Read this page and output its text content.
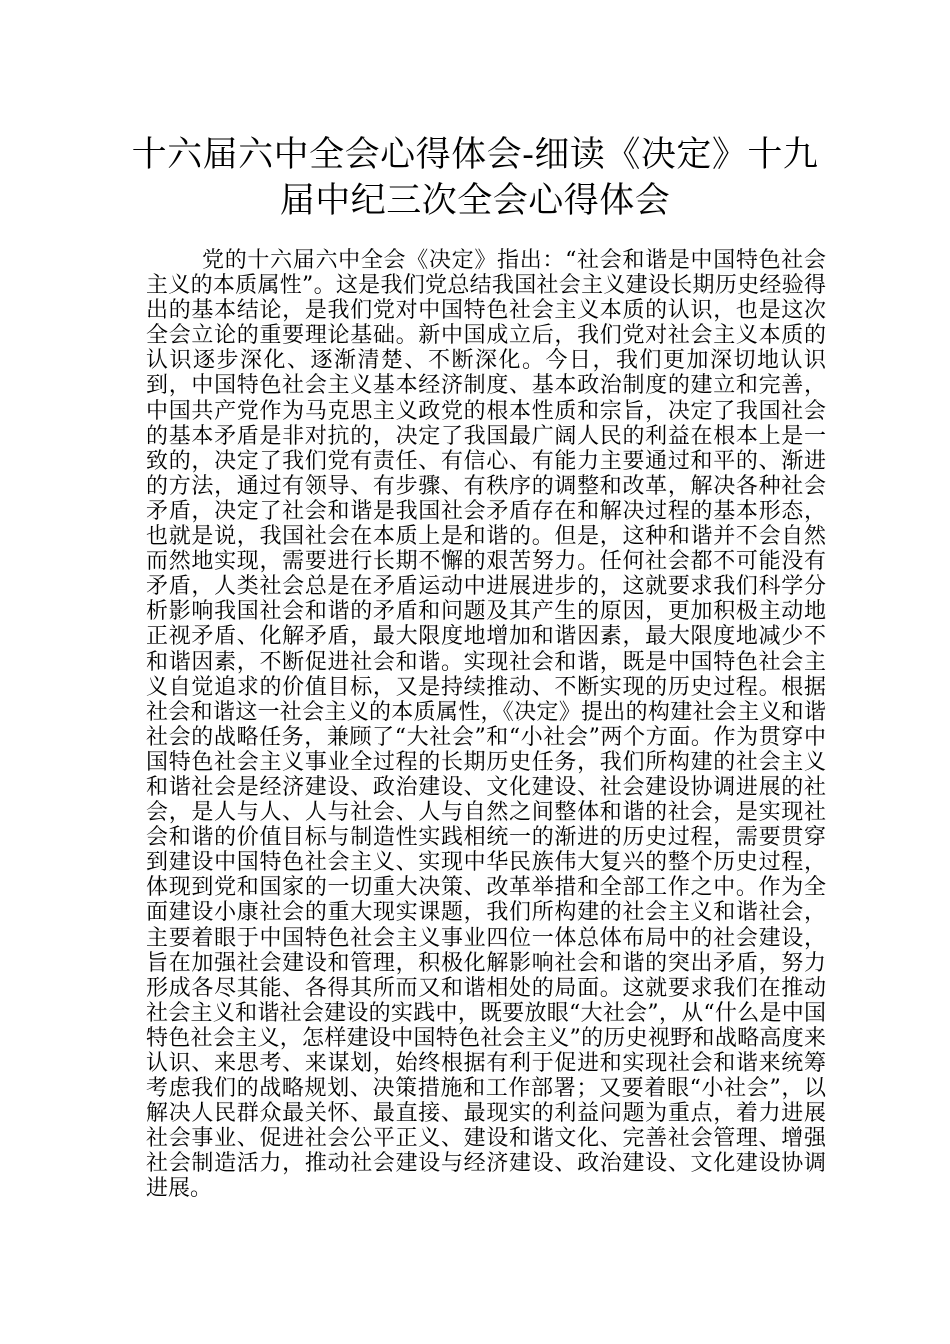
十六届六中全会心得体会-细读《决定》十九届中纪三次全会心得体会

党的十六届六中全会《决定》指出：“社会和谐是中国特色社会主义的本质属性”。这是我们党总结我国社会主义建设长期历史经验得出的基本结论，是我们党对中国特色社会主义本质的认识，也是这次全会立论的重要理论基础。新中国成立后，我们党对社会主义本质的认识逐步深化、逐渐清楚、不断深化。今日，我们更加深切地认识到，中国特色社会主义基本经济制度、基本政治制度的建立和完善，中国共产党作为马克思主义政党的根本性质和宗旨，决定了我国社会的基本矛盾是非对抗的，决定了我国最广阔人民的利益在根本上是一致的，决定了我们党有责任、有信心、有能力主要通过和平的、渐进的方法，通过有领导、有步骤、有秩序的调整和改革，解决各种社会矛盾，决定了社会和谐是我国社会矛盾存在和解决过程的基本形态，也就是说，我国社会在本质上是和谐的。但是，这种和谐并不会自然而然地实现，需要进行长期不懈的艰苦努力。任何社会都不可能没有矛盾，人类社会总是在矛盾运动中进展进步的，这就要求我们科学分析影响我国社会和谐的矛盾和问题及其产生的原因，更加积极主动地正视矛盾、化解矛盾，最大限度地增加和谐因素，最大限度地减少不和谐因素，不断促进社会和谐。实现社会和谐，既是中国特色社会主义自觉追求的价值目标，又是持续推动、不断实现的历史过程。根据社会和谐这一社会主义的本质属性，《决定》提出的构建社会主义和谐社会的战略任务，兼顾了“大社会”和“小社会”两个方面。作为贯穿中国特色社会主义事业全过程的长期历史任务，我们所构建的社会主义和谐社会是经济建设、政治建设、文化建设、社会建设协调进展的社会，是人与人、人与社会、人与自然之间整体和谐的社会，是实现社会和谐的价值目标与制造性实践相统一的渐进的历史过程，需要贯穿到建设中国特色社会主义、实现中华民族伟大复兴的整个历史过程，体现到党和国家的一切重大决策、改革举措和全部工作之中。作为全面建设小康社会的重大现实课题，我们所构建的社会主义和谐社会，主要着眼于中国特色社会主义事业四位一体总体布局中的社会建设，旨在加强社会建设和管理，积极化解影响社会和谐的突出矛盾，努力形成各尽其能、各得其所而又和谐相处的局面。这就要求我们在推动社会主义和谐社会建设的实践中，既要放眼“大社会”，从“什么是中国特色社会主义，怎样建设中国特色社会主义”的历史视野和战略高度来认识、来思考、来谋划，始终根据有利于促进和实现社会和谐来统筹考虑我们的战略规划、决策措施和工作部署；又要着眼“小社会”，以解决人民群众最关怀、最直接、最现实的利益问题为重点，着力进展社会事业、促进社会公平正义、建设和谐文化、完善社会管理、增强社会制造活力，推动社会建设与经济建设、政治建设、文化建设协调进展。
